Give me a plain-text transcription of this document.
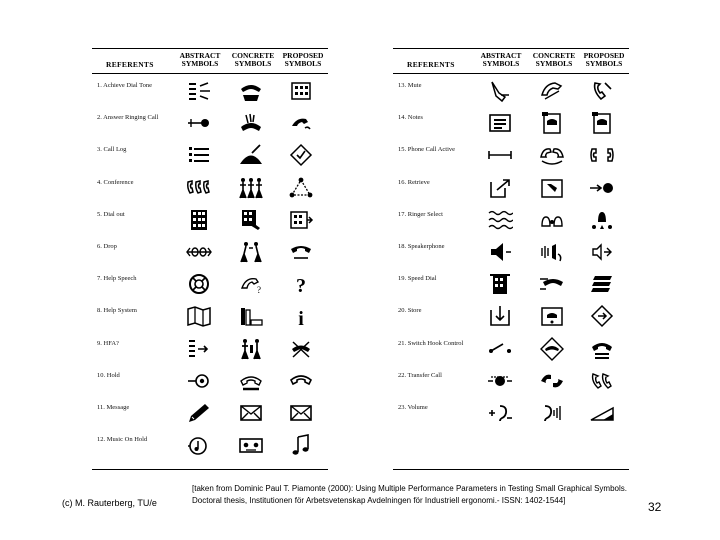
REFERENTS
ABSTRACT
SYMBOLS
CONCRETE
SYMBOLS
PROPOSED
SYMBOLS
1. Achieve Dial Tone
2. Answer Ringing Call
3. Call Log
4. Conference
5. Dial out
6. Drop
7. Help Speech
? ?
8. Help System	i
9. HFA?
10. Hold
11. Message
12. Music On Hold
REFERENTS
ABSTRACT
SYMBOLS
CONCRETE
SYMBOLS
PROPOSED
SYMBOLS
13. Mute
14. Notes
15. Phone Call Active
16. Retrieve
17. Ringer Select
18. Speakerphone
19. Speed Dial
20. Store
21. Switch Hook Control
22. Transfer Call
23. Volume
(c) M. Rauterberg, TU/e
[taken from Dominic Paul T. Piamonte (2000): Using Multiple Performance Parameters in Testing Small Graphical Symbols.
Doctoral thesis, Institutionen för Arbetsvetenskap Avdelningen för Industriell ergonomi.- ISSN: 1402-1544]	32
